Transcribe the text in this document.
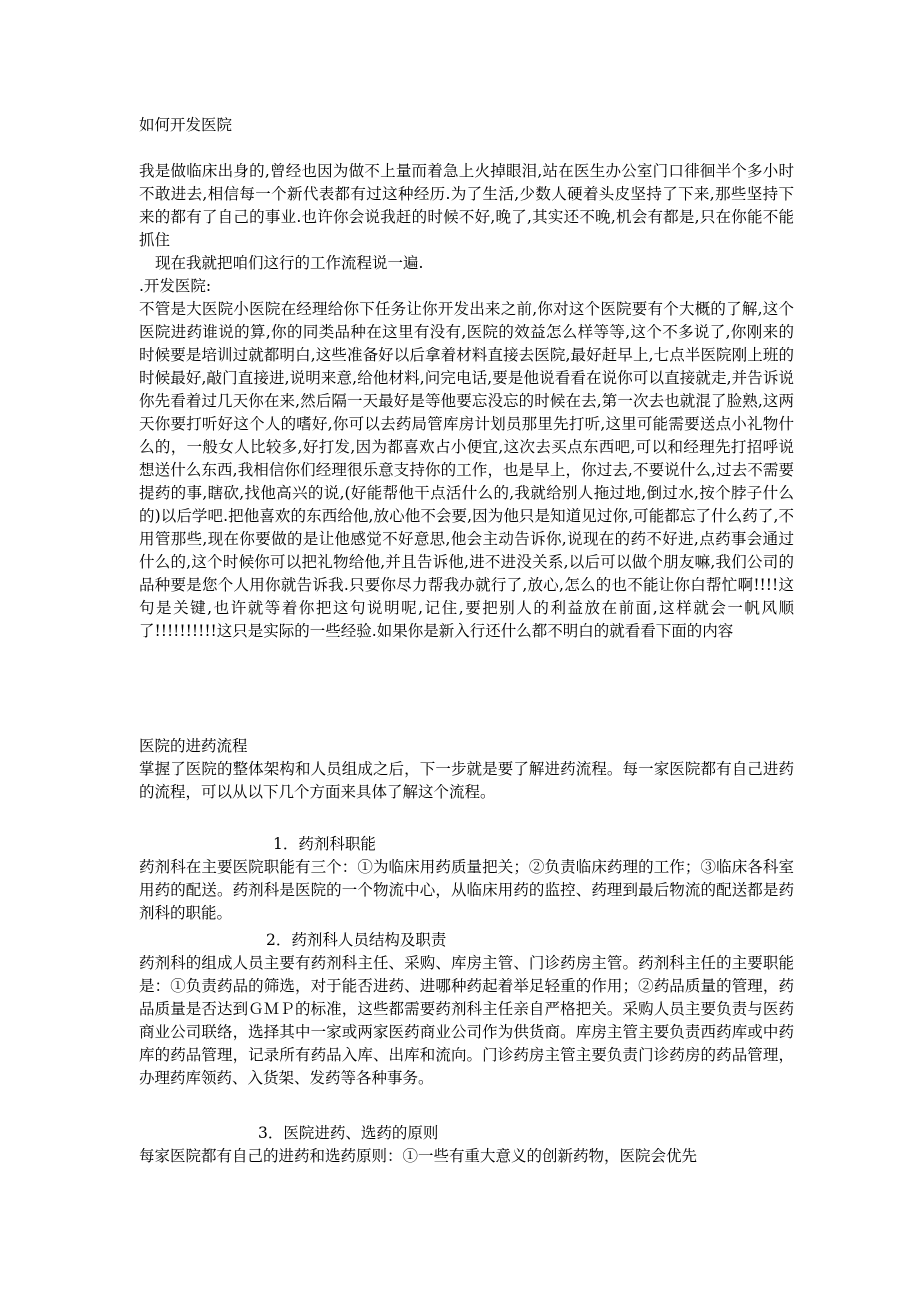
如何开发医院

我是做临床出身的,曾经也因为做不上量而着急上火掉眼泪,站在医生办公室门口徘徊半个多小时不敢进去,相信每一个新代表都有过这种经历.为了生活,少数人硬着头皮坚持了下来,那些坚持下来的都有了自己的事业.也许你会说我赶的时候不好,晚了,其实还不晚,机会有都是,只在你能不能抓住

现在我就把咱们这行的工作流程说一遍.

.开发医院:

不管是大医院小医院在经理给你下任务让你开发出来之前,你对这个医院要有个大概的了解,这个医院进药谁说的算,你的同类品种在这里有没有,医院的效益怎么样等等,这个不多说了,你刚来的时候要是培训过就都明白,这些准备好以后拿着材料直接去医院,最好赶早上,七点半医院刚上班的时候最好,敲门直接进,说明来意,给他材料,问完电话,要是他说看看在说你可以直接就走,并告诉说你先看着过几天你在来,然后隔一天最好是等他要忘没忘的时候在去,第一次去也就混了脸熟,这两天你要打听好这个人的嗜好,你可以去药局管库房计划员那里先打听,这里可能需要送点小礼物什么的，一般女人比较多,好打发,因为都喜欢占小便宜,这次去买点东西吧,可以和经理先打招呼说想送什么东西,我相信你们经理很乐意支持你的工作，也是早上，你过去,不要说什么,过去不需要提药的事,瞎砍,找他高兴的说,(好能帮他干点活什么的,我就给别人拖过地,倒过水,按个脖子什么的)以后学吧.把他喜欢的东西给他,放心他不会要,因为他只是知道见过你,可能都忘了什么药了,不用管那些,现在你要做的是让他感觉不好意思,他会主动告诉你,说现在的药不好进,点药事会通过什么的,这个时候你可以把礼物给他,并且告诉他,进不进没关系,以后可以做个朋友嘛,我们公司的品种要是您个人用你就告诉我.只要你尽力帮我办就行了,放心,怎么的也不能让你白帮忙啊!!!!这句是关键,也许就等着你把这句说明呢,记住,要把别人的利益放在前面,这样就会一帆风顺了!!!!!!!!!!这只是实际的一些经验.如果你是新入行还什么都不明白的就看看下面的内容

医院的进药流程

掌握了医院的整体架构和人员组成之后，下一步就是要了解进药流程。每一家医院都有自己进药的流程，可以从以下几个方面来具体了解这个流程。

1．药剂科职能

药剂科在主要医院职能有三个：①为临床用药质量把关；②负责临床药理的工作；③临床各科室用药的配送。药剂科是医院的一个物流中心，从临床用药的监控、药理到最后物流的配送都是药剂科的职能。

2．药剂科人员结构及职责

药剂科的组成人员主要有药剂科主任、采购、库房主管、门诊药房主管。药剂科主任的主要职能是：①负责药品的筛选，对于能否进药、进哪种药起着举足轻重的作用；②药品质量的管理，药品质量是否达到ＧＭＰ的标准，这些都需要药剂科主任亲自严格把关。采购人员主要负责与医药商业公司联络，选择其中一家或两家医药商业公司作为供货商。库房主管主要负责西药库或中药库的药品管理，记录所有药品入库、出库和流向。门诊药房主管主要负责门诊药房的药品管理，办理药库领药、入货架、发药等各种事务。

3．医院进药、选药的原则

每家医院都有自己的进药和选药原则：①一些有重大意义的创新药物，医院会优先
